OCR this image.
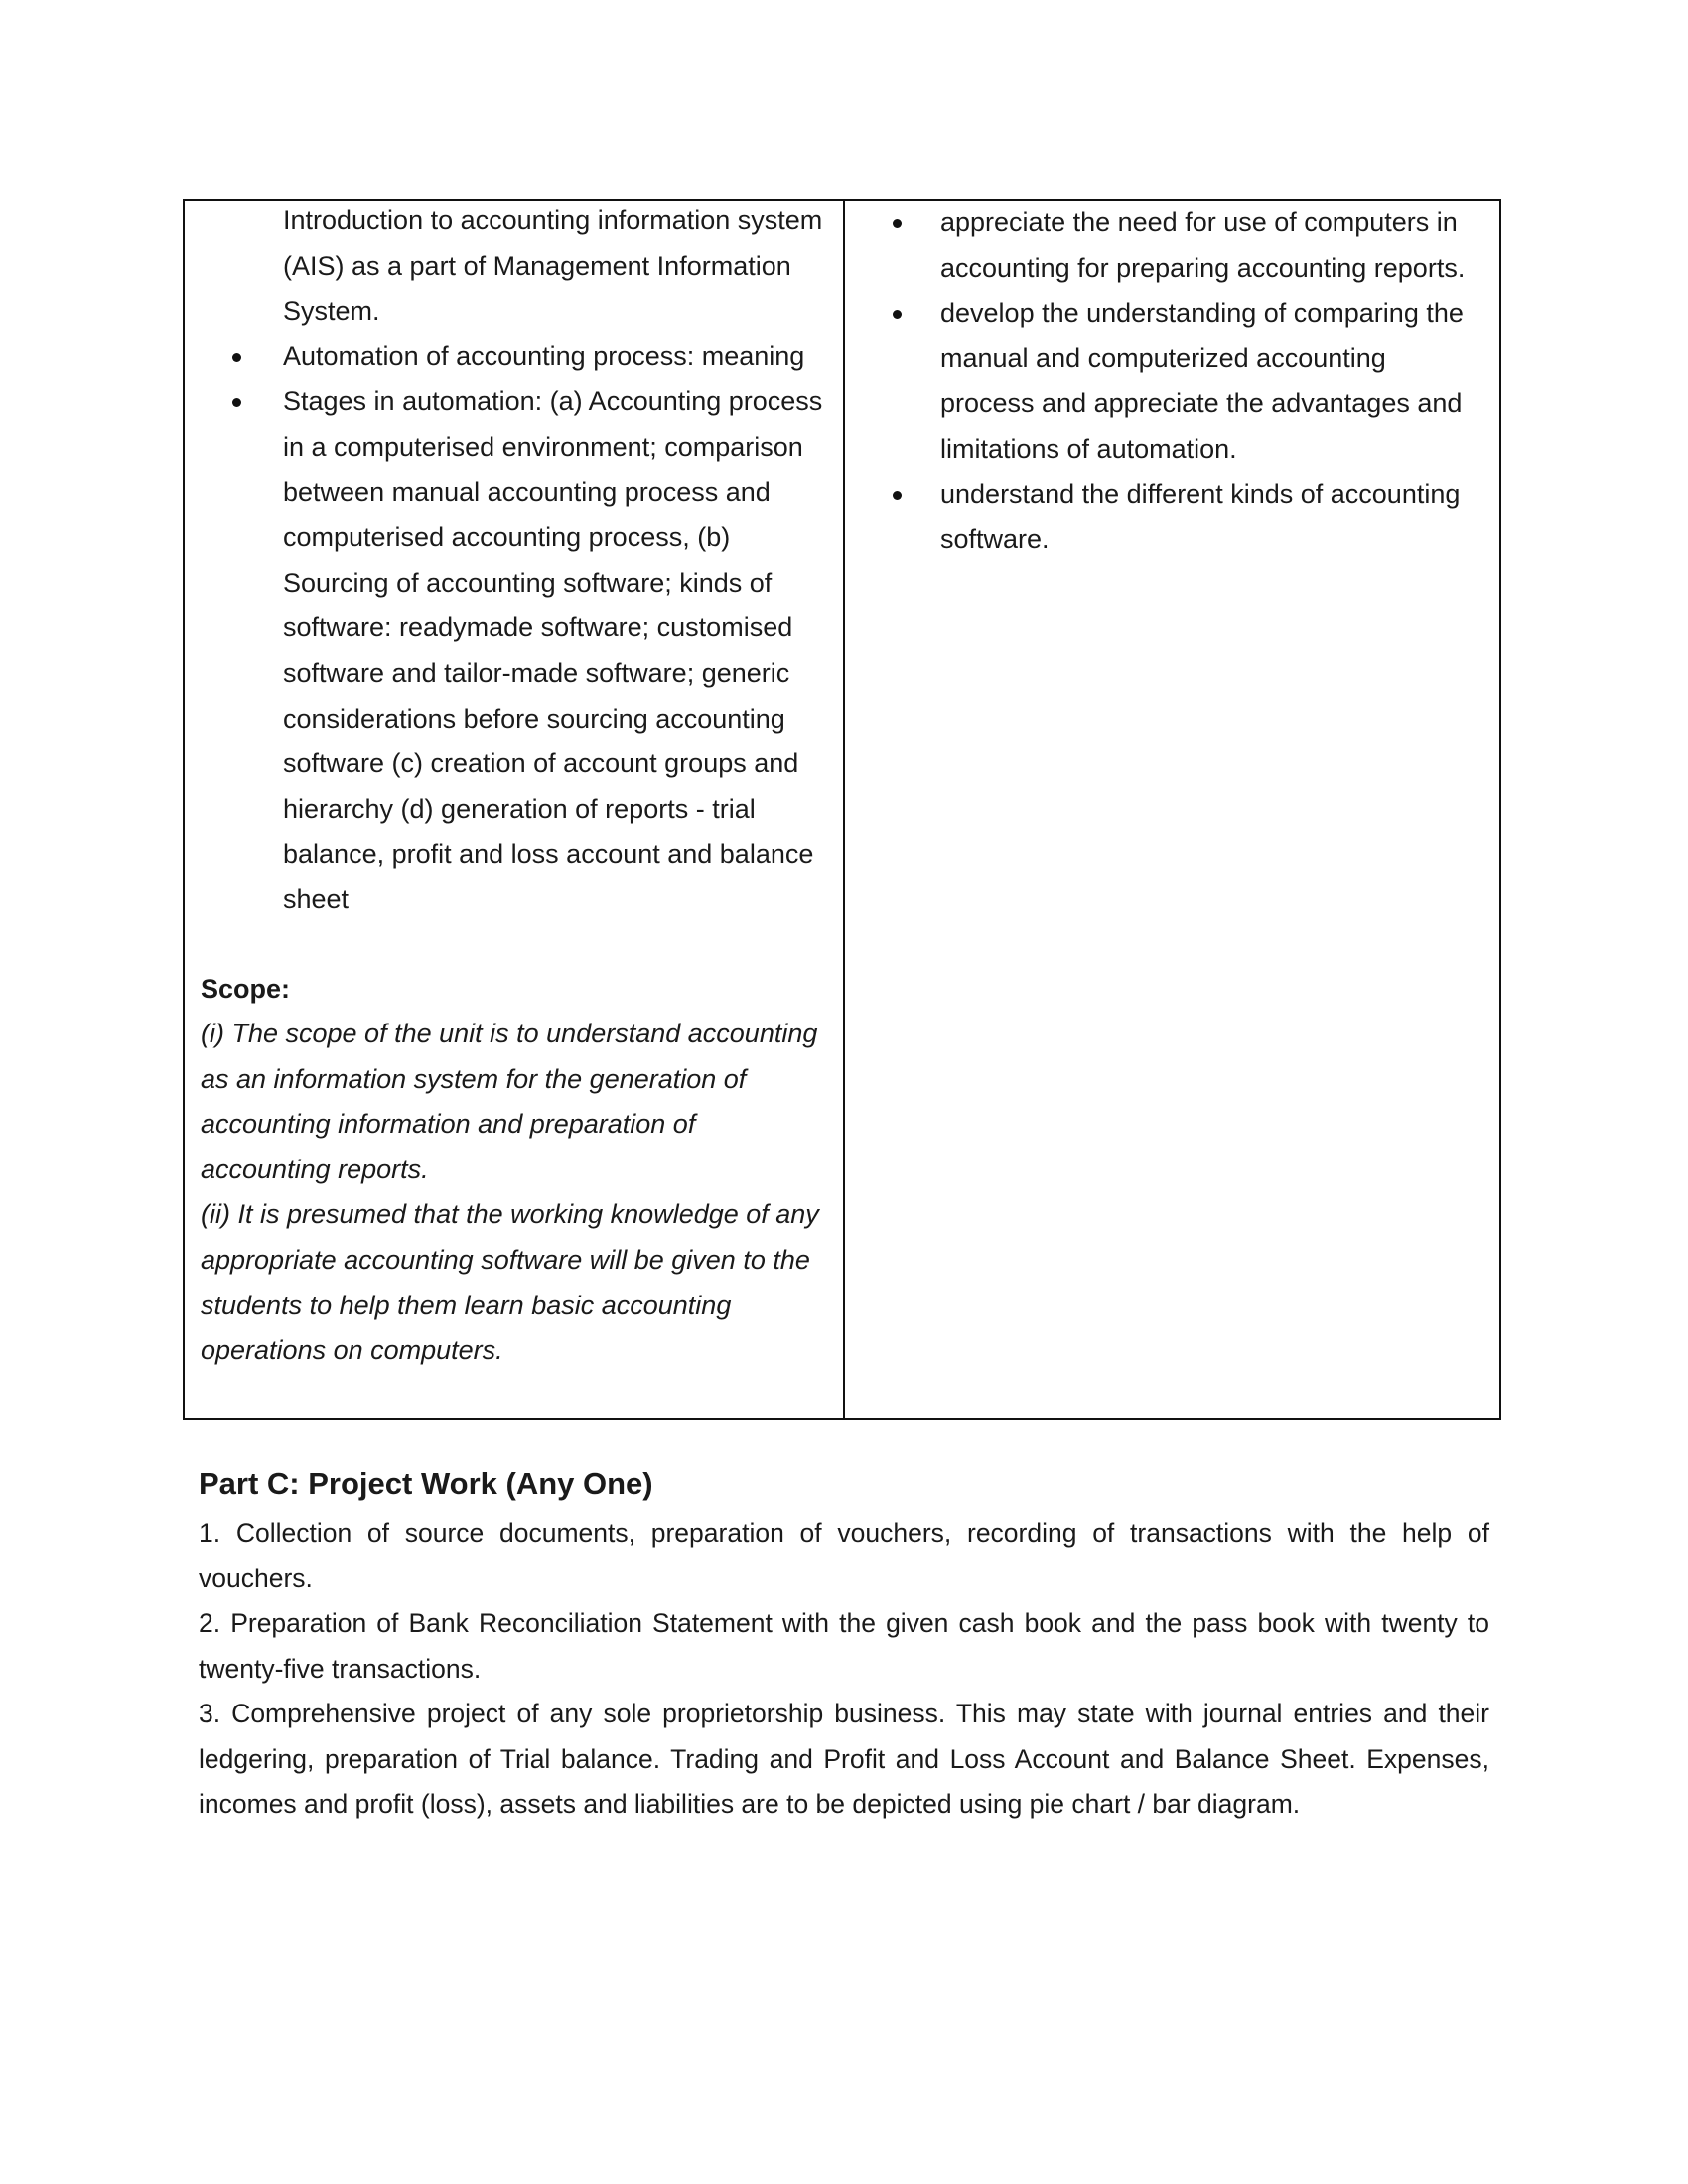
Introduction to accounting information system (AIS) as a part of Management Information System.
Automation of accounting process: meaning
Stages in automation: (a) Accounting process in a computerised environment; comparison between manual accounting process and computerised accounting process, (b) Sourcing of accounting software; kinds of software: readymade software; customised software and tailor-made software; generic considerations before sourcing accounting software (c) creation of account groups and hierarchy (d) generation of reports - trial balance, profit and loss account and balance sheet
Scope:
(i) The scope of the unit is to understand accounting as an information system for the generation of accounting information and preparation of accounting reports.
(ii) It is presumed that the working knowledge of any appropriate accounting software will be given to the students to help them learn basic accounting operations on computers.
appreciate the need for use of computers in accounting for preparing accounting reports.
develop the understanding of comparing the manual and computerized accounting process and appreciate the advantages and limitations of automation.
understand the different kinds of accounting software.
Part C: Project Work (Any One)

1. Collection of source documents, preparation of vouchers, recording of transactions with the help of vouchers.

2. Preparation of Bank Reconciliation Statement with the given cash book and the pass book with twenty to twenty-five transactions.

3. Comprehensive project of any sole proprietorship business. This may state with journal entries and their ledgering, preparation of Trial balance. Trading and Profit and Loss Account and Balance Sheet. Expenses, incomes and profit (loss), assets and liabilities are to be depicted using pie chart / bar diagram.
